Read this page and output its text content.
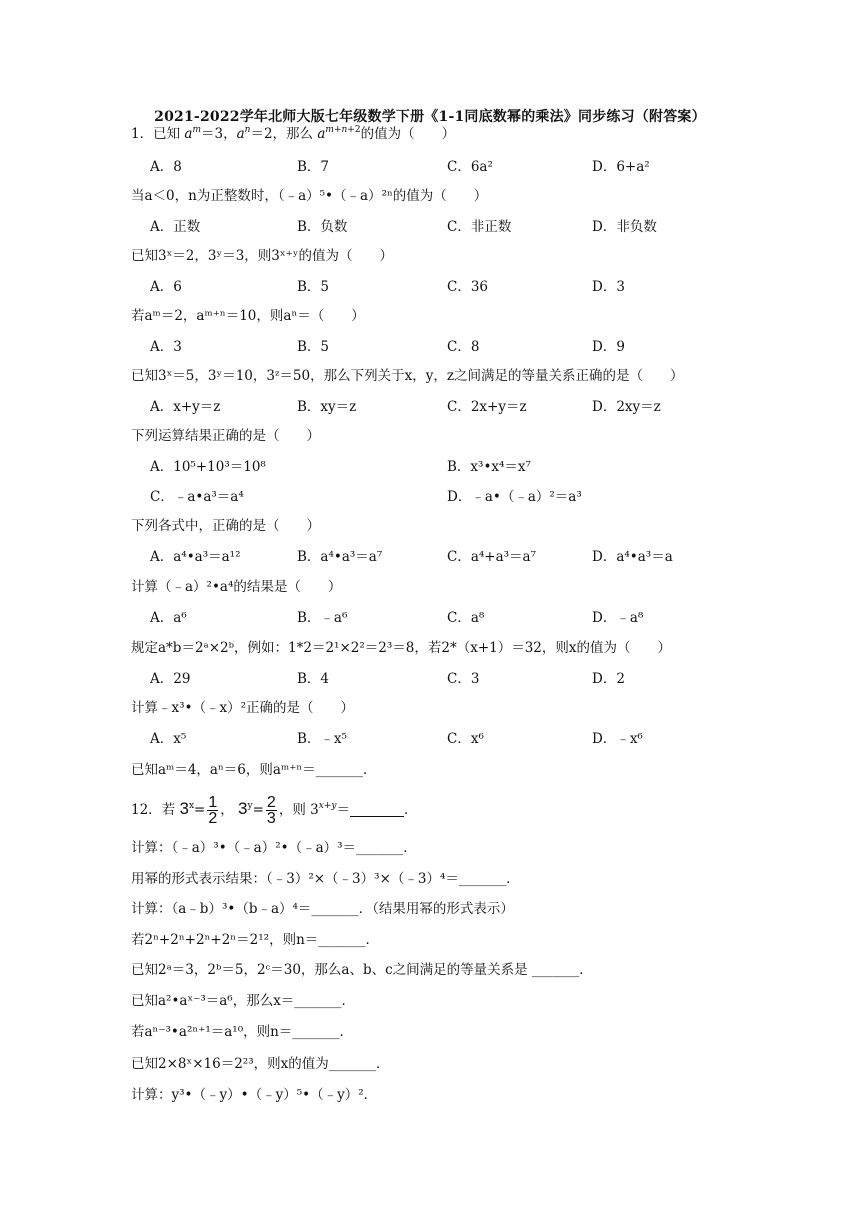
2021-2022学年北师大版七年级数学下册《1-1同底数幂的乘法》同步练习（附答案）
1．已知 $a^m=3$，$a^n=2$，那么 $a^{m+n+2}$的值为（　　）
A．8	B．7	C．6a²	D．6+a²
当a＜0，n为正整数时，（﹣a）⁵•（﹣a）²ⁿ的值为（　　）
A．正数	B．负数	C．非正数	D．非负数
已知3ˣ＝2，3ʸ＝3，则3ˣ⁺ʸ的值为（　　）
A．6	B．5	C．36	D．3
若aᵐ＝2，aᵐ⁺ⁿ＝10，则aⁿ＝（　　）
A．3	B．5	C．8	D．9
已知3ˣ＝5，3ʸ＝10，3ᶻ＝50，那么下列关于x，y，z之间满足的等量关系正确的是（　　）
A．x+y＝z	B．xy＝z	C．2x+y＝z	D．2xy＝z
下列运算结果正确的是（　　）
A．10⁵+10³＝10⁸	B．x³•x⁴＝x⁷
C．﹣a•a³＝a⁴	D．﹣a•（﹣a）²＝a³
下列各式中，正确的是（　　）
A．a⁴•a³＝a¹²	B．a⁴•a³＝a⁷	C．a⁴+a³＝a⁷	D．a⁴•a³＝a
计算（﹣a）²•a⁴的结果是（　　）
A．a⁶	B．﹣a⁶	C．a⁸	D．﹣a⁸
规定a*b＝2ᵃ×2ᵇ，例如：1*2＝2¹×2²＝2³＝8，若2*（x+1）＝32，则x的值为（　　）
A．29	B．4	C．3	D．2
计算﹣x³•（﹣x）²正确的是（　　）
A．x⁵	B．﹣x⁵	C．x⁶	D．﹣x⁶
已知aᵐ＝4，aⁿ＝6，则aᵐ⁺ⁿ＝_______．
12．若 $3^x= \frac{1}{2}$ ， $3^y= \frac{2}{3}$ ，则 $3^{x+y}=$	．
计算：（﹣a）³•（﹣a）²•（﹣a）³＝_______．
用幂的形式表示结果：（﹣3）²×（﹣3）³×（﹣3）⁴＝_______．
计算：（a﹣b）³•（b﹣a）⁴＝_______．（结果用幂的形式表示）
若2ⁿ+2ⁿ+2ⁿ+2ⁿ＝2¹²，则n＝_______．
已知2ᵃ＝3，2ᵇ＝5，2ᶜ＝30，那么a、b、c之间满足的等量关系是 _______．
已知a²•aˣ⁻³＝a⁶，那么x＝_______．
若aⁿ⁻³•a²ⁿ⁺¹＝a¹⁰，则n＝_______．
已知2×8ˣ×16＝2²³，则x的值为_______．
计算：y³•（﹣y）•（﹣y）⁵•（﹣y）²．
